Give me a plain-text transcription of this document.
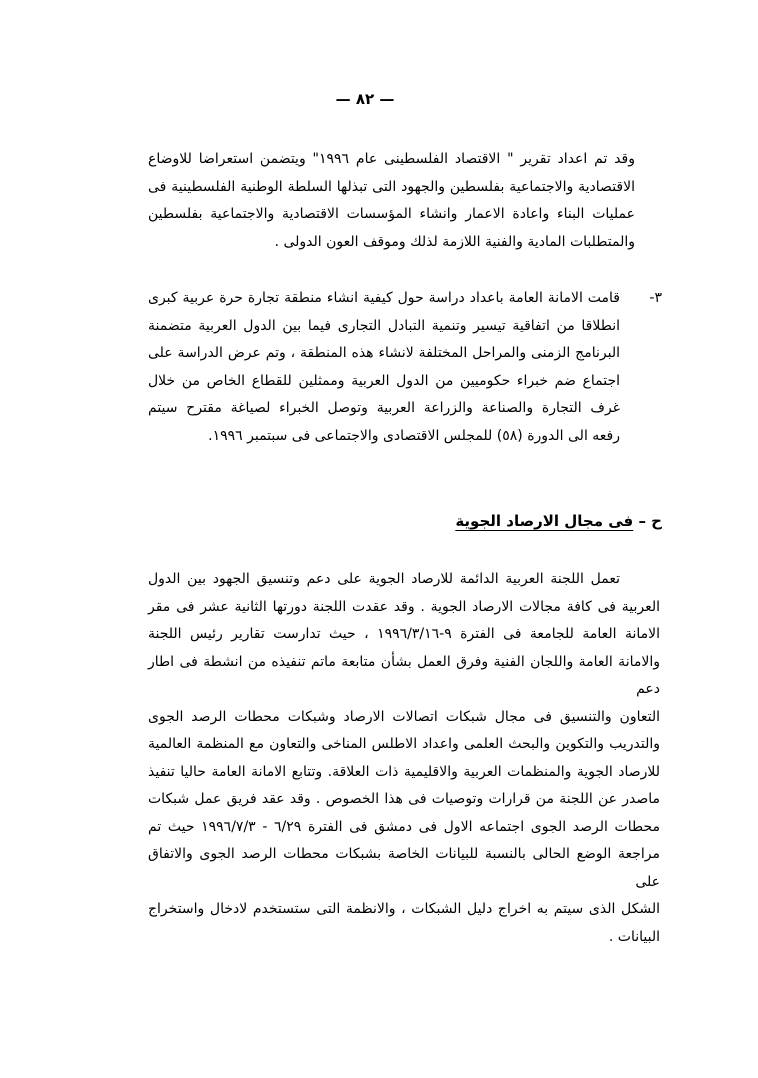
— ٨٢ —
وقد تم اعداد تقرير " الاقتصاد الفلسطينى عام ١٩٩٦" ويتضمن استعراضا للاوضاع
الاقتصادية والاجتماعية بفلسطين والجهود التى تبذلها السلطة الوطنية الفلسطينية فى
عمليات البناء واعادة الاعمار وانشاء المؤسسات الاقتصادية والاجتماعية بفلسطين
والمتطلبات المادية والفنية اللازمة لذلك وموقف العون الدولى .
٣-
قامت الامانة العامة باعداد دراسة حول كيفية انشاء منطقة تجارة حرة عربية كبرى
انطلاقا من اتفاقية تيسير وتنمية التبادل التجارى فيما بين الدول العربية متضمنة
البرنامج الزمنى والمراحل المختلفة لانشاء هذه المنطقة ، وتم عرض الدراسة على
اجتماع ضم خبراء حكوميين من الدول العربية وممثلين للقطاع الخاص من خلال
غرف التجارة والصناعة والزراعة العربية وتوصل الخبراء لصياغة مقترح سيتم
رفعه الى الدورة (٥٨) للمجلس الاقتصادى والاجتماعى فى سبتمبر ١٩٩٦.
ح – فى مجال الارصاد الجوية
تعمل اللجنة العربية الدائمة للارصاد الجوية على دعم وتنسيق الجهود بين الدول
العربية فى كافة مجالات الارصاد الجوية . وقد عقدت اللجنة دورتها الثانية عشر فى مقر
الامانة العامة للجامعة فى الفترة ٩-١٩٩٦/٣/١٦ ، حيث تدارست تقارير رئيس اللجنة
والامانة العامة واللجان الفنية وفرق العمل بشأن متابعة ماتم تنفيذه من انشطة فى اطار دعم
التعاون والتنسيق فى مجال شبكات اتصالات الارصاد وشبكات محطات الرصد الجوى
والتدريب والتكوين والبحث العلمى واعداد الاطلس المناخى والتعاون مع المنظمة العالمية
للارصاد الجوية والمنظمات العربية والاقليمية ذات العلاقة. وتتابع الامانة العامة حاليا تنفيذ
ماصدر عن اللجنة من قرارات وتوصيات فى هذا الخصوص . وقد عقد فريق عمل شبكات
محطات الرصد الجوى اجتماعه الاول فى دمشق فى الفترة ٦/٢٩ - ١٩٩٦/٧/٣ حيث تم
مراجعة الوضع الحالى بالنسبة للبيانات الخاصة بشبكات محطات الرصد الجوى والاتفاق على
الشكل الذى سيتم به اخراج دليل الشبكات ، والانظمة التى ستستخدم لادخال واستخراج
البيانات .
